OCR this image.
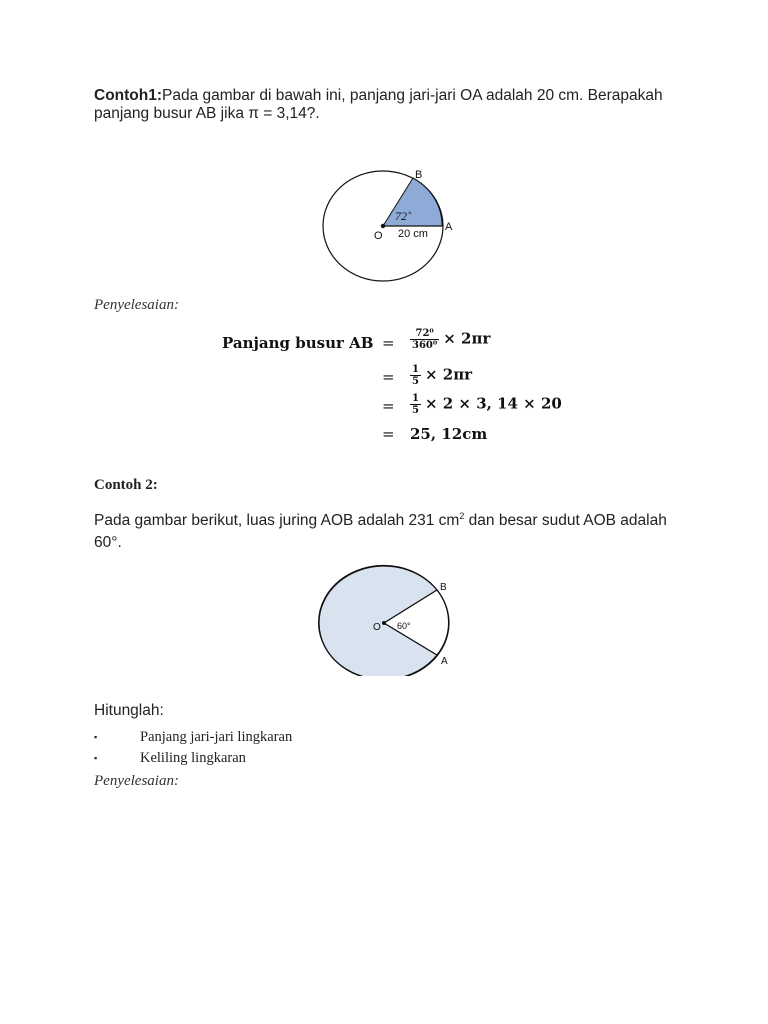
Contoh1:Pada gambar di bawah ini, panjang jari-jari OA adalah 20 cm. Berapakah panjang busur AB jika π = 3,14?.
B
A
O
72˚
20 cm
Penyelesaian:
Panjang busur AB = $\frac{\text{72⁰}}{\text{360⁰}} \times 2\pi r$
= $\frac{1}{5} \times 2\pi r$
= $\frac{1}{5} \times 2 \times 3$, 14 × 20
= 25, 12cm
Contoh 2:
Pada gambar berikut, luas juring AOB adalah 231 $cm^2$ dan besar sudut AOB adalah 60°.
B
A
O 60°
Hitunglah:
▪	Panjang jari-jari lingkaran
▪	Keliling lingkaran
Penyelesaian:
